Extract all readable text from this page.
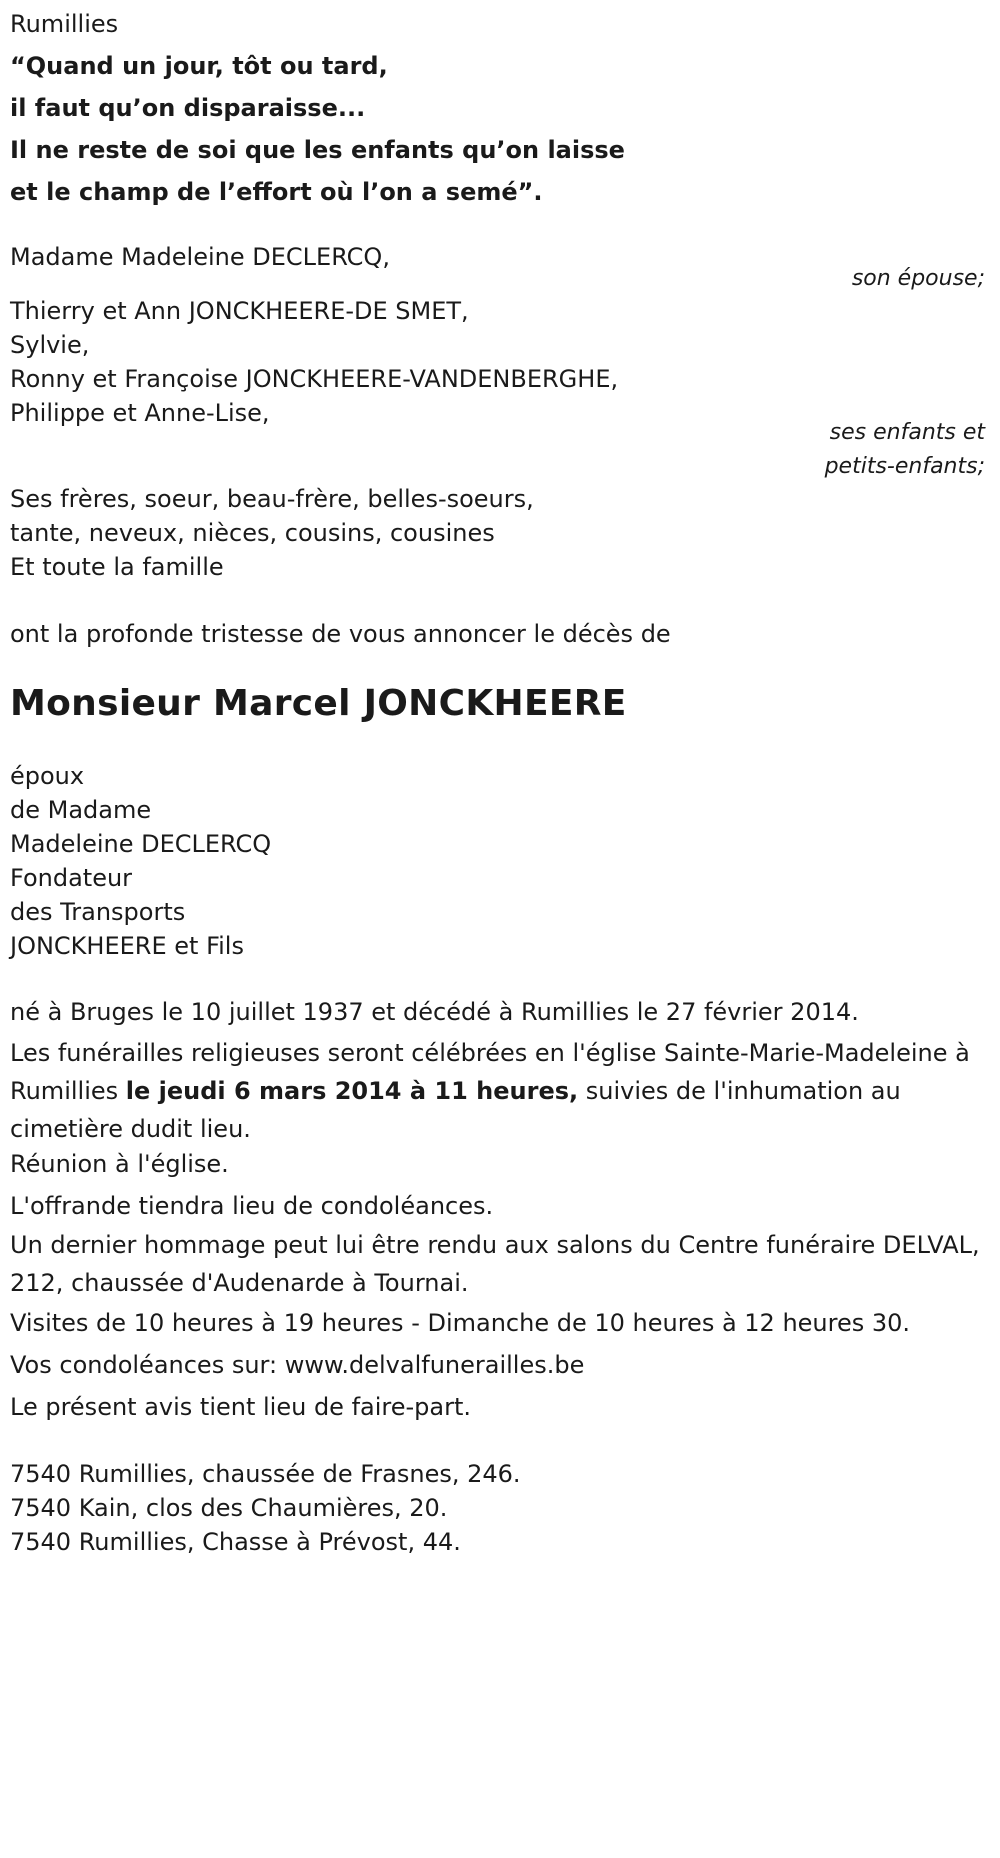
Rumillies
“Quand un jour, tôt ou tard,
il faut qu’on disparaisse...
Il ne reste de soi que les enfants qu’on laisse
et le champ de l’effort où l’on a semé”.
Madame Madeleine DECLERCQ,
son épouse;
Thierry et Ann JONCKHEERE-DE SMET,
Sylvie,
Ronny et Françoise JONCKHEERE-VANDENBERGHE,
Philippe et Anne-Lise,
ses enfants et
petits-enfants;
Ses frères, soeur, beau-frère, belles-soeurs,
tante, neveux, nièces, cousins, cousines
Et toute la famille
ont la profonde tristesse de vous annoncer le décès de
Monsieur Marcel JONCKHEERE
époux
de Madame
Madeleine DECLERCQ
Fondateur
des Transports
JONCKHEERE et Fils
né à Bruges le 10 juillet 1937 et décédé à Rumillies le 27 février 2014.
Les funérailles religieuses seront célébrées en l'église Sainte-Marie-Madeleine à Rumillies le jeudi 6 mars 2014 à 11 heures, suivies de l'inhumation au cimetière dudit lieu.
Réunion à l'église.
L'offrande tiendra lieu de condoléances.
Un dernier hommage peut lui être rendu aux salons du Centre funéraire DELVAL, 212, chaussée d'Audenarde à Tournai.
Visites de 10 heures à 19 heures - Dimanche de 10 heures à 12 heures 30.
Vos condoléances sur: www.delvalfunerailles.be
Le présent avis tient lieu de faire-part.
7540 Rumillies, chaussée de Frasnes, 246.
7540 Kain, clos des Chaumières, 20.
7540 Rumillies, Chasse à Prévost, 44.
